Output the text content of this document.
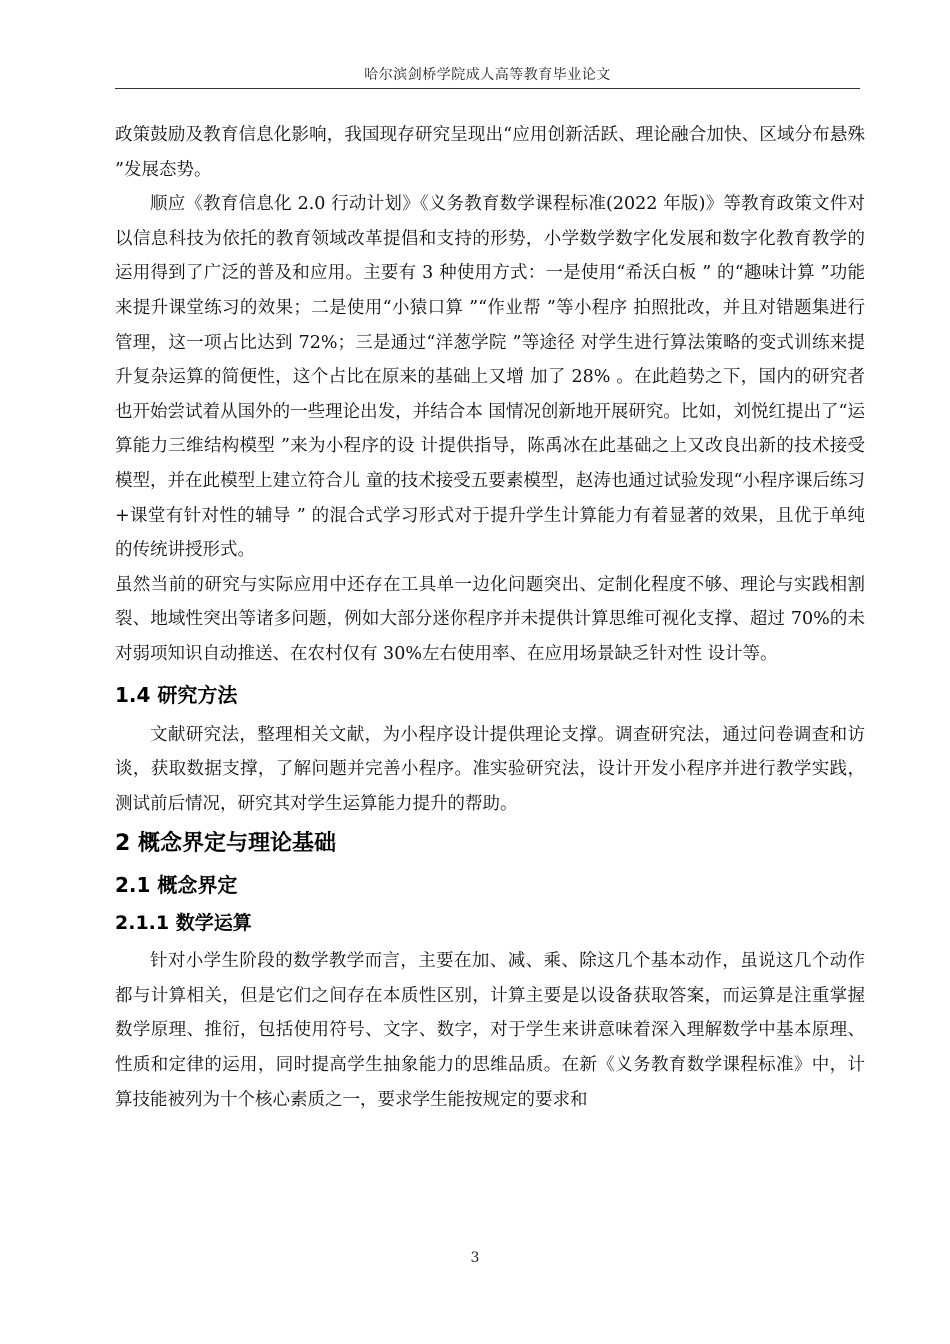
哈尔滨剑桥学院成人高等教育毕业论文

政策鼓励及教育信息化影响，我国现存研究呈现出“应用创新活跃、理论融合加快、区域分布悬殊 ”发展态势。

顺应《教育信息化 2.0 行动计划》《义务教育数学课程标准(2022 年版)》等教育政策文件对以信息科技为依托的教育领域改革提倡和支持的形势，小学数学数字化发展和数字化教育教学的运用得到了广泛的普及和应用。主要有 3 种使用方式：一是使用“希沃白板 ” 的“趣味计算 ”功能来提升课堂练习的效果；二是使用“小猿口算 ”“作业帮 ”等小程序 拍照批改，并且对错题集进行管理，这一项占比达到 72%；三是通过“洋葱学院 ”等途径 对学生进行算法策略的变式训练来提升复杂运算的简便性，这个占比在原来的基础上又增 加了 28% 。在此趋势之下，国内的研究者也开始尝试着从国外的一些理论出发，并结合本 国情况创新地开展研究。比如，刘悦红提出了“运算能力三维结构模型 ”来为小程序的设 计提供指导，陈禹冰在此基础之上又改良出新的技术接受模型，并在此模型上建立符合儿 童的技术接受五要素模型，赵涛也通过试验发现“小程序课后练习+课堂有针对性的辅导 ” 的混合式学习形式对于提升学生计算能力有着显著的效果，且优于单纯的传统讲授形式。

虽然当前的研究与实际应用中还存在工具单一边化问题突出、定制化程度不够、理论与实践相割裂、地域性突出等诸多问题，例如大部分迷你程序并未提供计算思维可视化支撑、超过 70%的未对弱项知识自动推送、在农村仅有 30%左右使用率、在应用场景缺乏针对性 设计等。

1.4 研究方法

文献研究法，整理相关文献，为小程序设计提供理论支撑。调查研究法，通过问卷调查和访谈，获取数据支撑，了解问题并完善小程序。准实验研究法，设计开发小程序并进行教学实践，测试前后情况，研究其对学生运算能力提升的帮助。

2 概念界定与理论基础
2.1 概念界定
2.1.1 数学运算

针对小学生阶段的数学教学而言，主要在加、减、乘、除这几个基本动作，虽说这几个动作都与计算相关，但是它们之间存在本质性区别，计算主要是以设备获取答案，而运算是注重掌握数学原理、推衍，包括使用符号、文字、数字，对于学生来讲意味着深入理解数学中基本原理、性质和定律的运用，同时提高学生抽象能力的思维品质。在新《义务教育数学课程标准》中，计算技能被列为十个核心素质之一，要求学生能按规定的要求和

3
